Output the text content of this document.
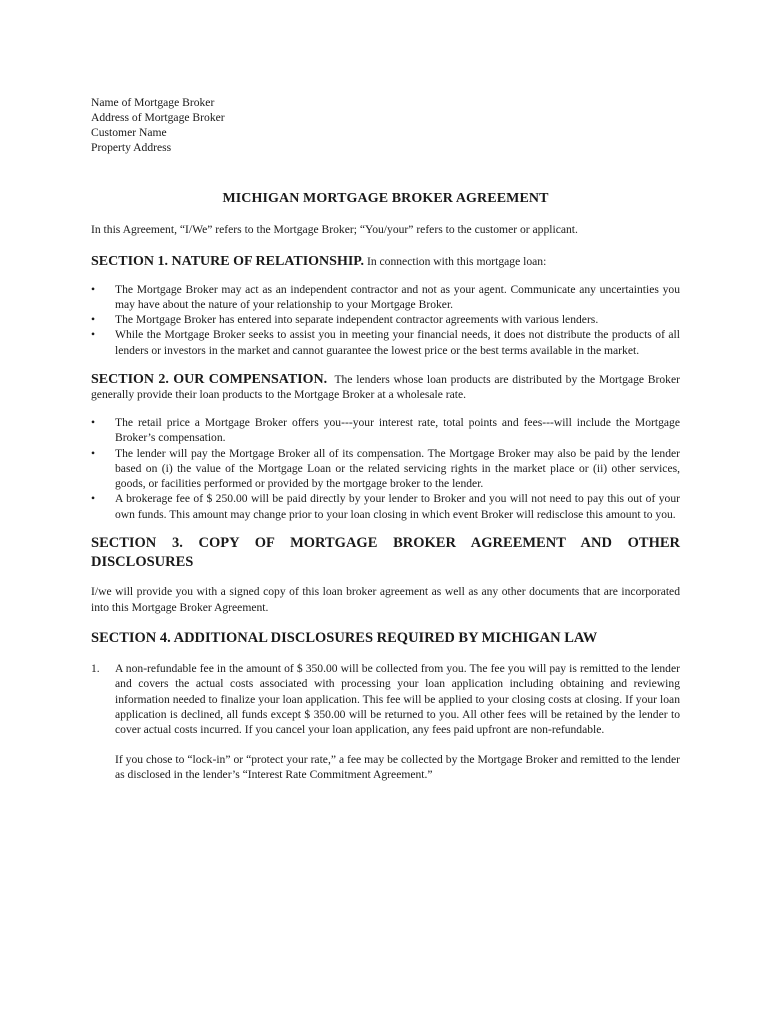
Name of Mortgage Broker
Address of Mortgage Broker
Customer Name
Property Address
MICHIGAN MORTGAGE BROKER AGREEMENT

In this Agreement, “I/We” refers to the Mortgage Broker; “You/your” refers to the customer or applicant.

SECTION 1. NATURE OF RELATIONSHIP. In connection with this mortgage loan:

• The Mortgage Broker may act as an independent contractor and not as your agent. Communicate any uncertainties you may have about the nature of your relationship to your Mortgage Broker.
• The Mortgage Broker has entered into separate independent contractor agreements with various lenders.
• While the Mortgage Broker seeks to assist you in meeting your financial needs, it does not distribute the products of all lenders or investors in the market and cannot guarantee the lowest price or the best terms available in the market.

SECTION 2. OUR COMPENSATION. The lenders whose loan products are distributed by the Mortgage Broker generally provide their loan products to the Mortgage Broker at a wholesale rate.

• The retail price a Mortgage Broker offers you---your interest rate, total points and fees---will include the Mortgage Broker’s compensation.
• The lender will pay the Mortgage Broker all of its compensation. The Mortgage Broker may also be paid by the lender based on (i) the value of the Mortgage Loan or the related servicing rights in the market place or (ii) other services, goods, or facilities performed or provided by the mortgage broker to the lender.
• A brokerage fee of $ 250.00 will be paid directly by your lender to Broker and you will not need to pay this out of your own funds. This amount may change prior to your loan closing in which event Broker will redisclose this amount to you.
SECTION 3. COPY OF MORTGAGE BROKER AGREEMENT AND OTHER
DISCLOSURES

I/we will provide you with a signed copy of this loan broker agreement as well as any other documents that are incorporated into this Mortgage Broker Agreement.

SECTION 4. ADDITIONAL DISCLOSURES REQUIRED BY MICHIGAN LAW
1. A non-refundable fee in the amount of $ 350.00 will be collected from you. The fee you will pay is remitted to the lender and covers the actual costs associated with processing your loan application including obtaining and reviewing information needed to finalize your loan application. This fee will be applied to your closing costs at closing. If your loan application is declined, all funds except $ 350.00 will be returned to you. All other fees will be retained by the lender to cover actual costs incurred. If you cancel your loan application, any fees paid upfront are non-refundable.

If you chose to “lock-in” or “protect your rate,” a fee may be collected by the Mortgage Broker and remitted to the lender as disclosed in the lender’s “Interest Rate Commitment Agreement.”
